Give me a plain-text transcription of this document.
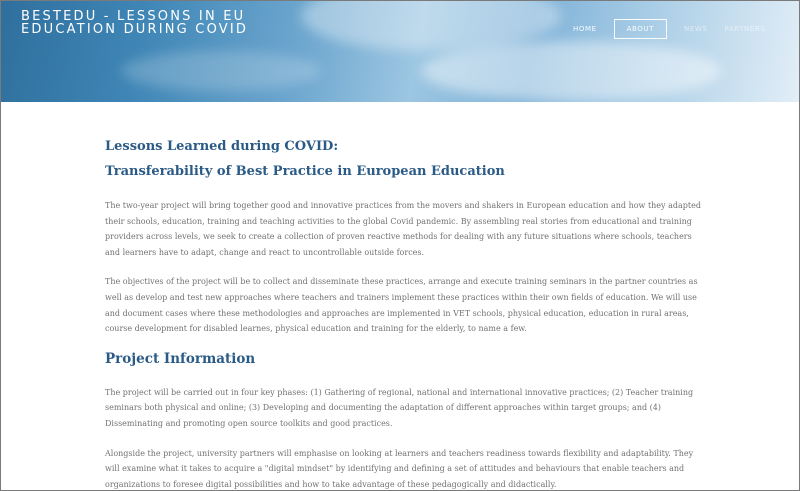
BESTEDU - LESSONS IN EU EDUCATION DURING COVID	HOME	ABOUT	NEWS PARTNERS
Lessons Learned during COVID:
Transferability of Best Practice in European Education

The two-year project will bring together good and innovative practices from the movers and shakers in European education and how they adapted their schools, education, training and teaching activities to the global Covid pandemic. By assembling real stories from educational and training providers across levels, we seek to create a collection of proven reactive methods for dealing with any future situations where schools, teachers and learners have to adapt, change and react to uncontrollable outside forces.

The objectives of the project will be to collect and disseminate these practices, arrange and execute training seminars in the partner countries as well as develop and test new approaches where teachers and trainers implement these practices within their own fields of education. We will use and document cases where these methodologies and approaches are implemented in VET schools, physical education, education in rural areas, course development for disabled learnes, physical education and training for the elderly, to name a few.

Project Information

The project will be carried out in four key phases: (1) Gathering of regional, national and international innovative practices; (2) Teacher training seminars both physical and online; (3) Developing and documenting the adaptation of different approaches within target groups; and (4) Disseminating and promoting open source toolkits and good practices.

Alongside the project, university partners will emphasise on looking at learners and teachers readiness towards flexibility and adaptability. They will examine what it takes to acquire a "digital mindset" by identifying and defining a set of attitudes and behaviours that enable teachers and organizations to foresee digital possibilities and how to take advantage of these pedagogically and didactically.
